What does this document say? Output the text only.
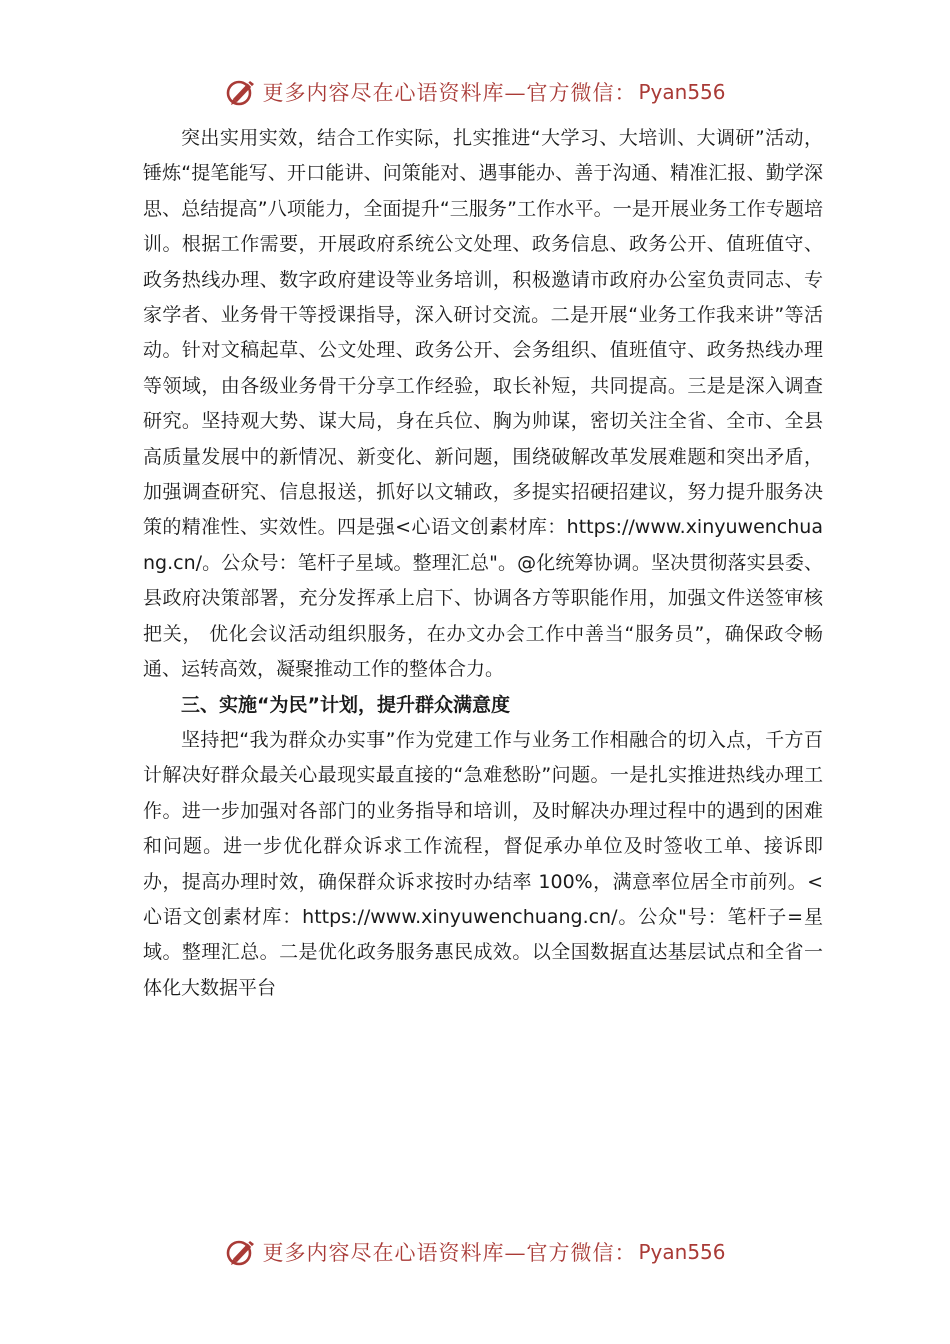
更多内容尽在心语资料库—官方微信： Pyan556

突出实用实效，结合工作实际，扎实推进“大学习、大培训、大调研”活动，锤炼“提笔能写、开口能讲、问策能对、遇事能办、善于沟通、精准汇报、勤学深思、总结提高”八项能力，全面提升“三服务”工作水平。一是开展业务工作专题培训。根据工作需要，开展政府系统公文处理、政务信息、政务公开、值班值守、政务热线办理、数字政府建设等业务培训，积极邀请市政府办公室负责同志、专家学者、业务骨干等授课指导，深入研讨交流。二是开展“业务工作我来讲”等活动。针对文稿起草、公文处理、政务公开、会务组织、值班值守、政务热线办理等领域，由各级业务骨干分享工作经验，取长补短，共同提高。三是是深入调查研究。坚持观大势、谋大局，身在兵位、胸为帅谋，密切关注全省、全市、全县高质量发展中的新情况、新变化、新问题，围绕破解改革发展难题和突出矛盾，加强调查研究、信息报送，抓好以文辅政，多提实招硬招建议，努力提升服务决策的精准性、实效性。四是强<心语文创素材库：https://www.xinyuwenchuang.cn/。公众号：笔杆子星域。整理汇总"。@化统筹协调。坚决贯彻落实县委、县政府决策部署，充分发挥承上启下、协调各方等职能作用，加强文件送签审核把关， 优化会议活动组织服务，在办文办会工作中善当“服务员”，确保政令畅通、运转高效，凝聚推动工作的整体合力。

三、实施“为民”计划，提升群众满意度

坚持把“我为群众办实事”作为党建工作与业务工作相融合的切入点，千方百计解决好群众最关心最现实最直接的“急难愁盼”问题。一是扎实推进热线办理工作。进一步加强对各部门的业务指导和培训，及时解决办理过程中的遇到的困难和问题。进一步优化群众诉求工作流程，督促承办单位及时签收工单、接诉即办，提高办理时效，确保群众诉求按时办结率 100%，满意率位居全市前列。<心语文创素材库：https://www.xinyuwenchuang.cn/。公众"号：笔杆子=星域。整理汇总。二是优化政务服务惠民成效。以全国数据直达基层试点和全省一体化大数据平台

更多内容尽在心语资料库—官方微信： Pyan556
